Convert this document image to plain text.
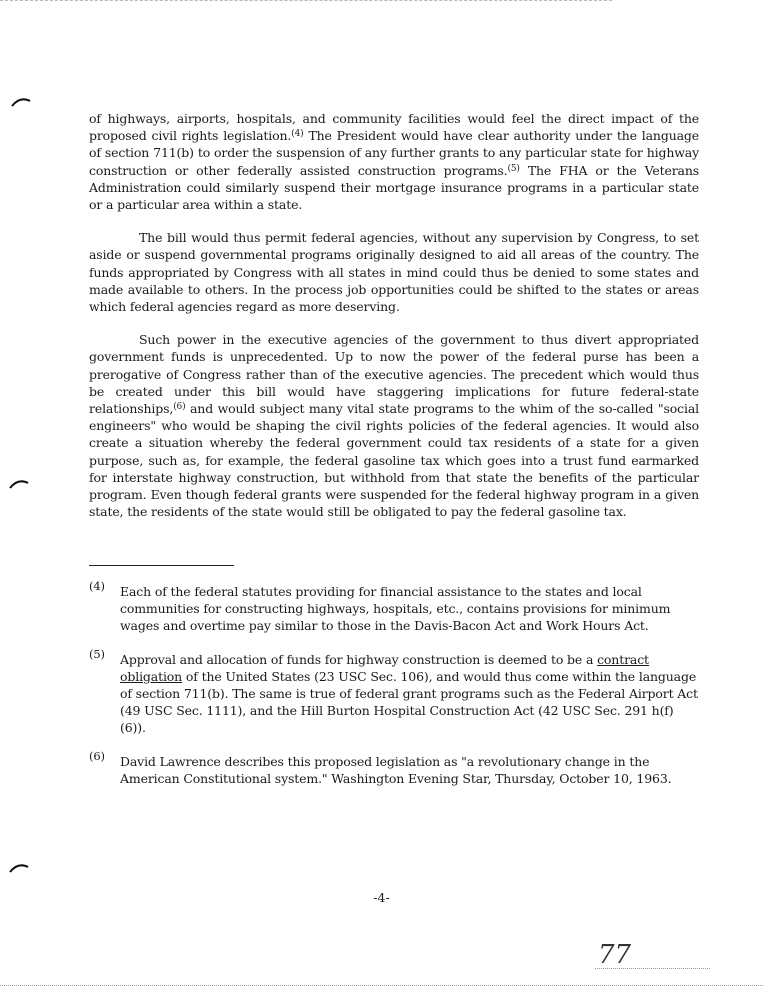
of highways, airports, hospitals, and community facilities would feel the direct impact of the proposed civil rights legislation.$^{(4)}$ The President would have clear authority under the language of section 711(b) to order the suspension of any further grants to any particular state for highway construction or other federally assisted construction programs.$^{(5)}$ The FHA or the Veterans Administration could similarly suspend their mortgage insurance programs in a particular state or a particular area within a state.

The bill would thus permit federal agencies, without any supervision by Congress, to set aside or suspend governmental programs originally designed to aid all areas of the country. The funds appropriated by Congress with all states in mind could thus be denied to some states and made available to others. In the process job opportunities could be shifted to the states or areas which federal agencies regard as more deserving.

Such power in the executive agencies of the government to thus divert appropriated government funds is unprecedented. Up to now the power of the federal purse has been a prerogative of Congress rather than of the executive agencies. The precedent which would thus be created under this bill would have staggering implications for future federal-state relationships,$^{(6)}$ and would subject many vital state programs to the whim of the so-called "social engineers" who would be shaping the civil rights policies of the federal agencies. It would also create a situation whereby the federal government could tax residents of a state for a given purpose, such as, for example, the federal gasoline tax which goes into a trust fund earmarked for interstate highway construction, but withhold from that state the benefits of the particular program. Even though federal grants were suspended for the federal highway program in a given state, the residents of the state would still be obligated to pay the federal gasoline tax.

(4) Each of the federal statutes providing for financial assistance to the states and local communities for constructing highways, hospitals, etc., contains provisions for minimum wages and overtime pay similar to those in the Davis-Bacon Act and Work Hours Act.
(5) Approval and allocation of funds for highway construction is deemed to be a contract obligation of the United States (23 USC Sec. 106), and would thus come within the language of section 711(b). The same is true of federal grant programs such as the Federal Airport Act (49 USC Sec. 1111), and the Hill Burton Hospital Construction Act (42 USC Sec. 291 h(f) (6)).
(6) David Lawrence describes this proposed legislation as "a revolutionary change in the American Constitutional system." Washington Evening Star, Thursday, October 10, 1963.
-4-
77
